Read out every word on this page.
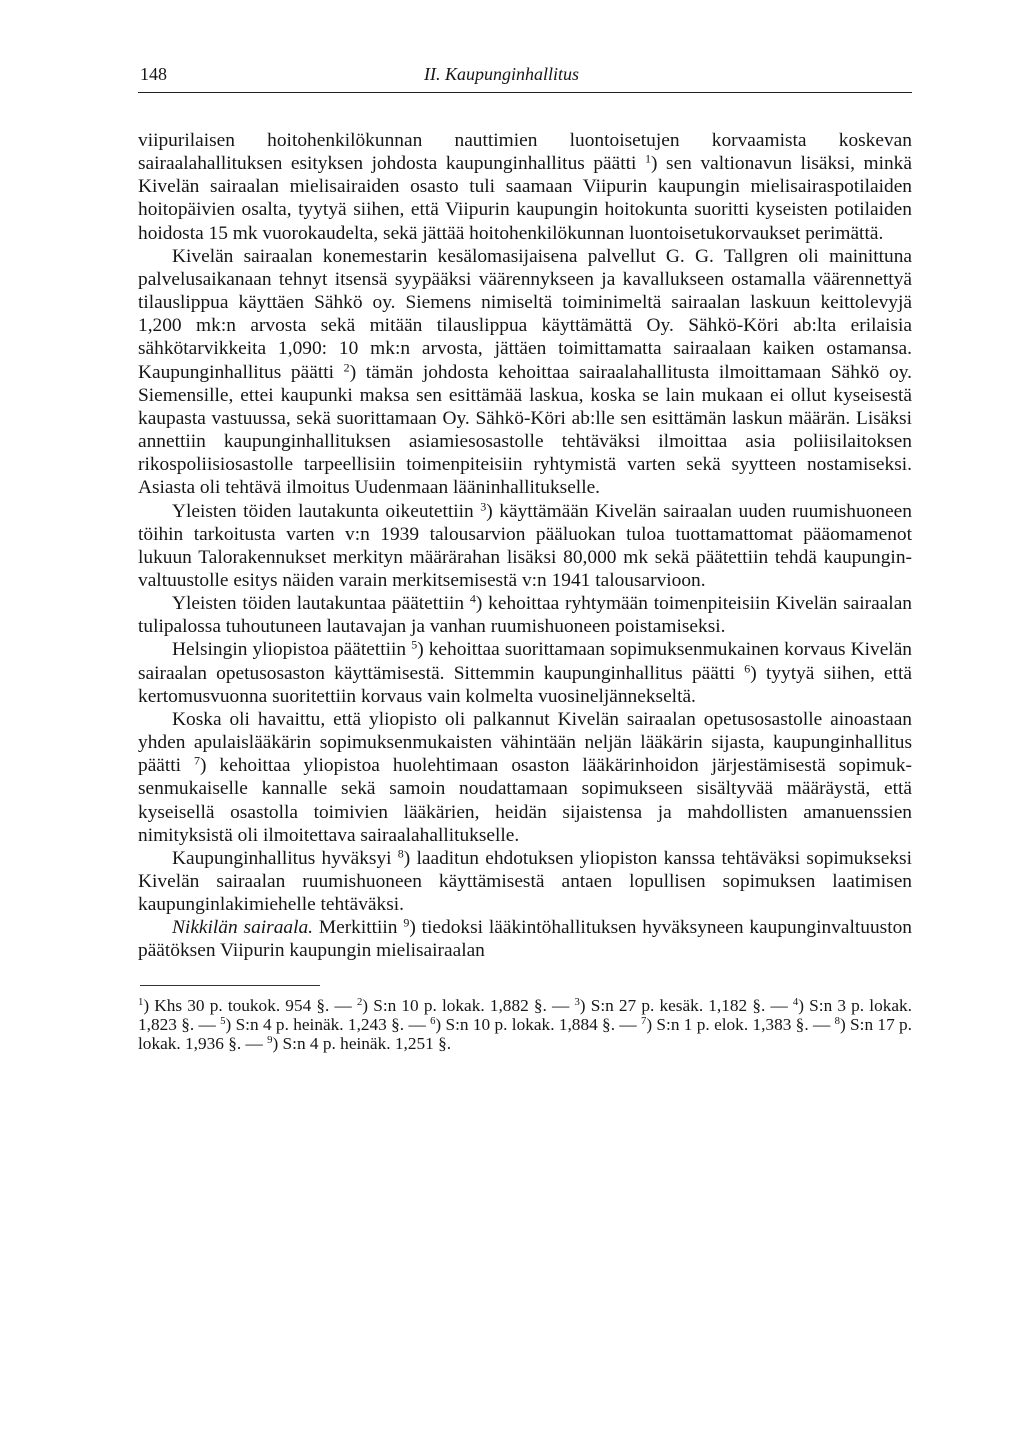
148	II. Kaupunginhallitus

viipurilaisen hoitohenkilökunnan nauttimien luontoisetujen korvaamista koskevan sairaalahallituksen esityksen johdosta kaupunginhallitus päätti $^1$) sen valtionavun lisäksi, minkä Kivelän sairaalan mielisairaiden osasto tuli saamaan Viipurin kaupungin mielisairaspotilaiden hoitopäivien osalta, tyytyä siihen, että Viipurin kaupungin hoitokunta suoritti kyseisten potilaiden hoidosta 15 mk vuorokaudelta, sekä jättää hoitohenkilökunnan luontoisetukorvaukset perimättä.

Kivelän sairaalan konemestarin kesälomasijaisena palvellut G. G. Tallgren oli mainittuna palvelusaikanaan tehnyt itsensä syypääksi väärennykseen ja kavallukseen ostamalla väärennettyä tilauslippua käyttäen Sähkö oy. Siemens nimiseltä toiminimeltä sairaalan laskuun keittolevyjä 1,200 mk:n arvosta sekä mitään tilauslippua käyttämättä Oy. Sähkö-Köri ab:lta erilaisia sähkötarvikkeita 1,090: 10 mk:n arvosta, jättäen toimittamatta sairaalaan kaiken ostamansa. Kaupunginhallitus päätti $^2$) tämän johdosta kehoittaa sairaalahallitusta ilmoittamaan Sähkö oy. Siemensille, ettei kaupunki maksa sen esittämää laskua, koska se lain mukaan ei ollut kyseisestä kaupasta vastuussa, sekä suorittamaan Oy. Sähkö-Köri ab:lle sen esittämän laskun määrän. Lisäksi annettiin kaupunginhallituksen asiamiesosastolle tehtäväksi ilmoittaa asia poliisilaitoksen rikospoliisiosastolle tarpeellisiin toimenpiteisiin ryhtymistä varten sekä syytteen nostamiseksi. Asiasta oli tehtävä ilmoitus Uudenmaan lääninhallitukselle.

Yleisten töiden lautakunta oikeutettiin $^3$) käyttämään Kivelän sairaalan uuden ruumishuoneen töihin tarkoitusta varten v:n 1939 talousarvion pääluokan tuloa tuottamattomat pääomamenot lukuun Talorakennukset merkityn määrärahan lisäksi 80,000 mk sekä päätettiin tehdä kaupunginvaltuustolle esitys näiden varain merkitsemisestä v:n 1941 talousarvioon.

Yleisten töiden lautakuntaa päätettiin $^4$) kehoittaa ryhtymään toimenpiteisiin Kivelän sairaalan tulipalossa tuhoutuneen lautavajan ja vanhan ruumishuoneen poistamiseksi.

Helsingin yliopistoa päätettiin $^5$) kehoittaa suorittamaan sopimuksenmukainen korvaus Kivelän sairaalan opetusosaston käyttämisestä. Sittemmin kaupunginhallitus päätti $^6$) tyytyä siihen, että kertomusvuonna suoritettiin korvaus vain kolmelta vuosineljännekseltä.

Koska oli havaittu, että yliopisto oli palkannut Kivelän sairaalan opetusosastolle ainoastaan yhden apulaislääkärin sopimuksenmukaisten vähintään neljän lääkärin sijasta, kaupunginhallitus päätti $^7$) kehoittaa yliopistoa huolehtimaan osaston lääkärinhoidon järjestämisestä sopimuksenmukaiselle kannalle sekä samoin noudattamaan sopimukseen sisältyvää määräystä, että kyseisellä osastolla toimivien lääkärien, heidän sijaistensa ja mahdollisten amanuenssien nimityksistä oli ilmoitettava sairaalahallitukselle.

Kaupunginhallitus hyväksyi $^8$) laaditun ehdotuksen yliopiston kanssa tehtäväksi sopimukseksi Kivelän sairaalan ruumishuoneen käyttämisestä antaen lopullisen sopimuksen laatimisen kaupunginlakimiehelle tehtäväksi.

Nikkilän sairaala. Merkittiin $^9$) tiedoksi lääkintöhallituksen hyväksyneen kaupunginvaltuuston päätöksen Viipurin kaupungin mielisairaalan

$^1$) Khs 30 p. toukok. 954 §. — $^2$) S:n 10 p. lokak. 1,882 §. — $^3$) S:n 27 p. kesäk. 1,182 §. — $^4$) S:n 3 p. lokak. 1,823 §. — $^5$) S:n 4 p. heinäk. 1,243 §. — $^6$) S:n 10 p. lokak. 1,884 §. — $^7$) S:n 1 p. elok. 1,383 §. — $^8$) S:n 17 p. lokak. 1,936 §. — $^9$) S:n 4 p. heinäk. 1,251 §.
